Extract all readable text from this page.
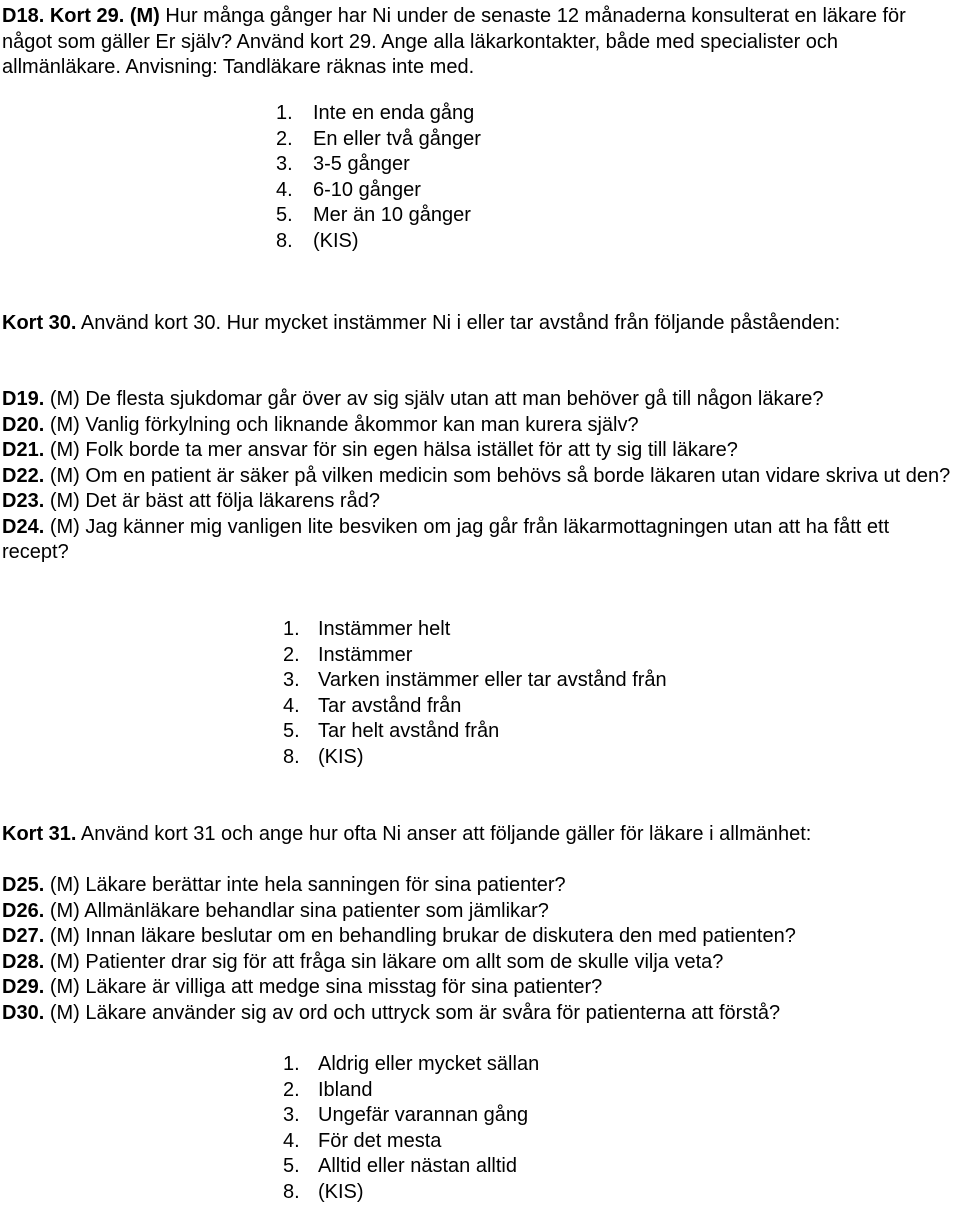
D18. Kort 29. (M) Hur många gånger har Ni under de senaste 12 månaderna konsulterat en läkare för något som gäller Er själv? Använd kort 29. Ange alla läkarkontakter, både med specialister och allmänläkare. Anvisning: Tandläkare räknas inte med.

1.	Inte en enda gång
2.	En eller två gånger
3.	3-5 gånger
4.	6-10 gånger
5.	Mer än 10 gånger
8.	(KIS)

Kort 30. Använd kort 30. Hur mycket instämmer Ni i eller tar avstånd från följande påståenden:

D19. (M) De flesta sjukdomar går över av sig själv utan att man behöver gå till någon läkare?
D20. (M) Vanlig förkylning och liknande åkommor kan man kurera själv?
D21. (M) Folk borde ta mer ansvar för sin egen hälsa istället för att ty sig till läkare?
D22. (M) Om en patient är säker på vilken medicin som behövs så borde läkaren utan vidare skriva ut den?
D23. (M) Det är bäst att följa läkarens råd?
D24. (M) Jag känner mig vanligen lite besviken om jag går från läkarmottagningen utan att ha fått ett recept?
1. Instämmer helt
2. Instämmer
3. Varken instämmer eller tar avstånd från
4. Tar avstånd från
5. Tar helt avstånd från
8. (KIS)

Kort 31. Använd kort 31 och ange hur ofta Ni anser att följande gäller för läkare i allmänhet:

D25. (M) Läkare berättar inte hela sanningen för sina patienter?
D26. (M) Allmänläkare behandlar sina patienter som jämlikar?
D27. (M) Innan läkare beslutar om en behandling brukar de diskutera den med patienten?
D28. (M) Patienter drar sig för att fråga sin läkare om allt som de skulle vilja veta?
D29. (M) Läkare är villiga att medge sina misstag för sina patienter?
D30. (M) Läkare använder sig av ord och uttryck som är svåra för patienterna att förstå?
1. Aldrig eller mycket sällan
2. Ibland
3. Ungefär varannan gång
4. För det mesta
5. Alltid eller nästan alltid
8. (KIS)
